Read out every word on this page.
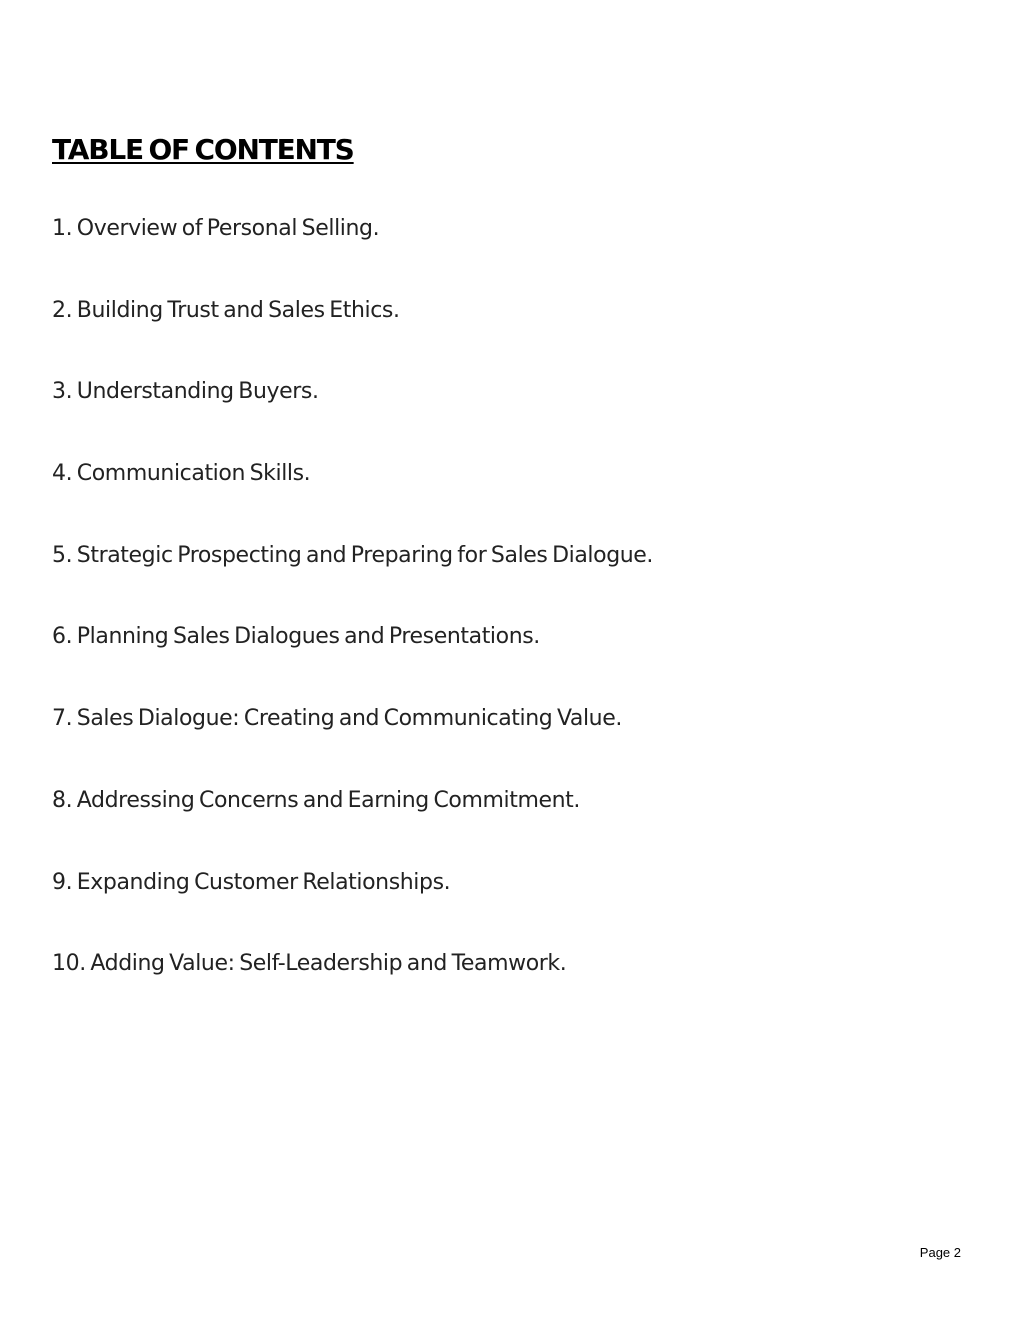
TABLE OF CONTENTS
1. Overview of Personal Selling.
2. Building Trust and Sales Ethics.
3. Understanding Buyers.
4. Communication Skills.
5. Strategic Prospecting and Preparing for Sales Dialogue.
6. Planning Sales Dialogues and Presentations.
7. Sales Dialogue: Creating and Communicating Value.
8. Addressing Concerns and Earning Commitment.
9. Expanding Customer Relationships.
10. Adding Value: Self-Leadership and Teamwork.
Page 2
